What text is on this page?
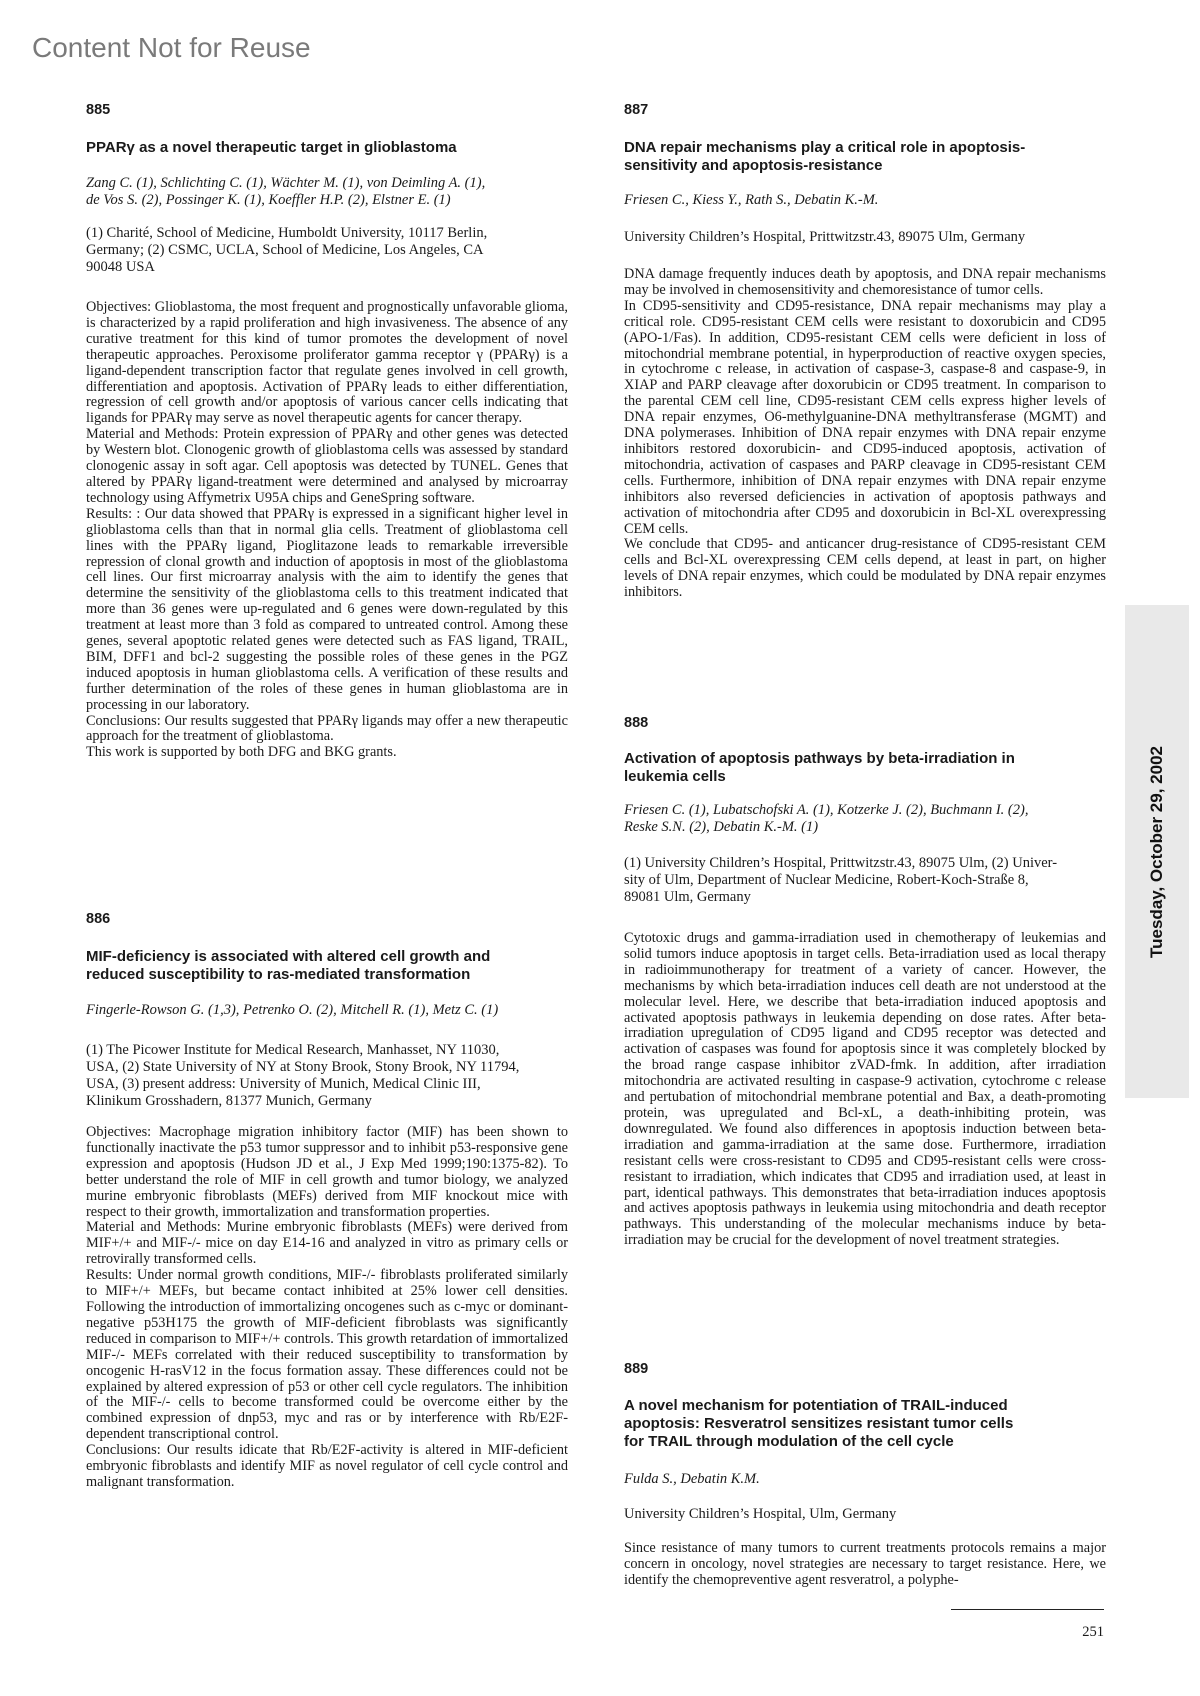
Content Not for Reuse
885
PPARγ as a novel therapeutic target in glioblastoma
Zang C. (1), Schlichting C. (1), Wächter M. (1), von Deimling A. (1),
de Vos S. (2), Possinger K. (1), Koeffler H.P. (2), Elstner E. (1)
(1) Charité, School of Medicine, Humboldt University, 10117 Berlin,
Germany; (2) CSMC, UCLA, School of Medicine, Los Angeles, CA
90048 USA

Objectives: Glioblastoma, the most frequent and prognostically unfavorable glioma, is characterized by a rapid proliferation and high invasiveness. The absence of any curative treatment for this kind of tumor promotes the development of novel therapeutic approaches. Peroxisome proliferator gamma receptor γ (PPARγ) is a ligand-dependent transcription factor that regulate genes involved in cell growth, differentiation and apoptosis. Activation of PPARγ leads to either differentiation, regression of cell growth and/or apoptosis of various cancer cells indicating that ligands for PPARγ may serve as novel therapeutic agents for cancer therapy.

Material and Methods: Protein expression of PPARγ and other genes was detected by Western blot. Clonogenic growth of glioblastoma cells was assessed by standard clonogenic assay in soft agar. Cell apoptosis was detected by TUNEL. Genes that altered by PPARγ ligand-treatment were determined and analysed by microarray technology using Affymetrix U95A chips and GeneSpring software.

Results: : Our data showed that PPARγ is expressed in a significant higher level in glioblastoma cells than that in normal glia cells. Treatment of glioblastoma cell lines with the PPARγ ligand, Pioglitazone leads to remarkable irreversible repression of clonal growth and induction of apoptosis in most of the glioblastoma cell lines. Our first microarray analysis with the aim to identify the genes that determine the sensitivity of the glioblastoma cells to this treatment indicated that more than 36 genes were up-regulated and 6 genes were down-regulated by this treatment at least more than 3 fold as compared to untreated control. Among these genes, several apoptotic related genes were detected such as FAS ligand, TRAIL, BIM, DFF1 and bcl-2 suggesting the possible roles of these genes in the PGZ induced apoptosis in human glioblastoma cells. A verification of these results and further determination of the roles of these genes in human glioblastoma are in processing in our laboratory.

Conclusions: Our results suggested that PPARγ ligands may offer a new therapeutic approach for the treatment of glioblastoma.

This work is supported by both DFG and BKG grants.

886
MIF-deficiency is associated with altered cell growth and
reduced susceptibility to ras-mediated transformation
Fingerle-Rowson G. (1,3), Petrenko O. (2), Mitchell R. (1), Metz C. (1)
(1) The Picower Institute for Medical Research, Manhasset, NY 11030,
USA, (2) State University of NY at Stony Brook, Stony Brook, NY 11794,
USA, (3) present address: University of Munich, Medical Clinic III,
Klinikum Grosshadern, 81377 Munich, Germany

Objectives: Macrophage migration inhibitory factor (MIF) has been shown to functionally inactivate the p53 tumor suppressor and to inhibit p53-responsive gene expression and apoptosis (Hudson JD et al., J Exp Med 1999;190:1375-82). To better understand the role of MIF in cell growth and tumor biology, we analyzed murine embryonic fibroblasts (MEFs) derived from MIF knockout mice with respect to their growth, immortalization and transformation properties.

Material and Methods: Murine embryonic fibroblasts (MEFs) were derived from MIF+/+ and MIF-/- mice on day E14-16 and analyzed in vitro as primary cells or retrovirally transformed cells.

Results: Under normal growth conditions, MIF-/- fibroblasts proliferated similarly to MIF+/+ MEFs, but became contact inhibited at 25% lower cell densities. Following the introduction of immortalizing oncogenes such as c-myc or dominant-negative p53H175 the growth of MIF-deficient fibroblasts was significantly reduced in comparison to MIF+/+ controls. This growth retardation of immortalized MIF-/- MEFs correlated with their reduced susceptibility to transformation by oncogenic H-rasV12 in the focus formation assay. These differences could not be explained by altered expression of p53 or other cell cycle regulators. The inhibition of the MIF-/- cells to become transformed could be overcome either by the combined expression of dnp53, myc and ras or by interference with Rb/E2F-dependent transcriptional control.

Conclusions: Our results idicate that Rb/E2F-activity is altered in MIF-deficient embryonic fibroblasts and identify MIF as novel regulator of cell cycle control and malignant transformation.

887
DNA repair mechanisms play a critical role in apoptosis-
sensitivity and apoptosis-resistance
Friesen C., Kiess Y., Rath S., Debatin K.-M.
University Children’s Hospital, Prittwitzstr.43, 89075 Ulm, Germany

DNA damage frequently induces death by apoptosis, and DNA repair mechanisms may be involved in chemosensitivity and chemoresistance of tumor cells.

In CD95-sensitivity and CD95-resistance, DNA repair mechanisms may play a critical role. CD95-resistant CEM cells were resistant to doxorubicin and CD95 (APO-1/Fas). In addition, CD95-resistant CEM cells were deficient in loss of mitochondrial membrane potential, in hyperproduction of reactive oxygen species, in cytochrome c release, in activation of caspase-3, caspase-8 and caspase-9, in XIAP and PARP cleavage after doxorubicin or CD95 treatment. In comparison to the parental CEM cell line, CD95-resistant CEM cells express higher levels of DNA repair enzymes, O6-methylguanine-DNA methyltransferase (MGMT) and DNA polymerases. Inhibition of DNA repair enzymes with DNA repair enzyme inhibitors restored doxorubicin- and CD95-induced apoptosis, activation of mitochondria, activation of caspases and PARP cleavage in CD95-resistant CEM cells. Furthermore, inhibition of DNA repair enzymes with DNA repair enzyme inhibitors also reversed deficiencies in activation of apoptosis pathways and activation of mitochondria after CD95 and doxorubicin in Bcl-XL overexpressing CEM cells.

We conclude that CD95- and anticancer drug-resistance of CD95-resistant CEM cells and Bcl-XL overexpressing CEM cells depend, at least in part, on higher levels of DNA repair enzymes, which could be modulated by DNA repair enzymes inhibitors.

888
Activation of apoptosis pathways by beta-irradiation in
leukemia cells
Friesen C. (1), Lubatschofski A. (1), Kotzerke J. (2), Buchmann I. (2),
Reske S.N. (2), Debatin K.-M. (1)
(1) University Children’s Hospital, Prittwitzstr.43, 89075 Ulm, (2) Univer-
sity of Ulm, Department of Nuclear Medicine, Robert-Koch-Straße 8,
89081 Ulm, Germany

Cytotoxic drugs and gamma-irradiation used in chemotherapy of leukemias and solid tumors induce apoptosis in target cells. Beta-irradiation used as local therapy in radioimmunotherapy for treatment of a variety of cancer. However, the mechanisms by which beta-irradiation induces cell death are not understood at the molecular level. Here, we describe that beta-irradiation induced apoptosis and activated apoptosis pathways in leukemia depending on dose rates. After beta-irradiation upregulation of CD95 ligand and CD95 receptor was detected and activation of caspases was found for apoptosis since it was completely blocked by the broad range caspase inhibitor zVAD-fmk. In addition, after irradiation mitochondria are activated resulting in caspase-9 activation, cytochrome c release and pertubation of mitochondrial membrane potential and Bax, a death-promoting protein, was upregulated and Bcl-xL, a death-inhibiting protein, was downregulated. We found also differences in apoptosis induction between beta-irradiation and gamma-irradiation at the same dose. Furthermore, irradiation resistant cells were cross-resistant to CD95 and CD95-resistant cells were cross-resistant to irradiation, which indicates that CD95 and irradiation used, at least in part, identical pathways. This demonstrates that beta-irradiation induces apoptosis and actives apoptosis pathways in leukemia using mitochondria and death receptor pathways. This understanding of the molecular mechanisms induce by beta-irradiation may be crucial for the development of novel treatment strategies.

889
A novel mechanism for potentiation of TRAIL-induced
apoptosis: Resveratrol sensitizes resistant tumor cells
for TRAIL through modulation of the cell cycle
Fulda S., Debatin K.M.
University Children’s Hospital, Ulm, Germany

Since resistance of many tumors to current treatments protocols remains a major concern in oncology, novel strategies are necessary to target resistance. Here, we identify the chemopreventive agent resveratrol, a polyphe-

Tuesday, October 29, 2002
251
